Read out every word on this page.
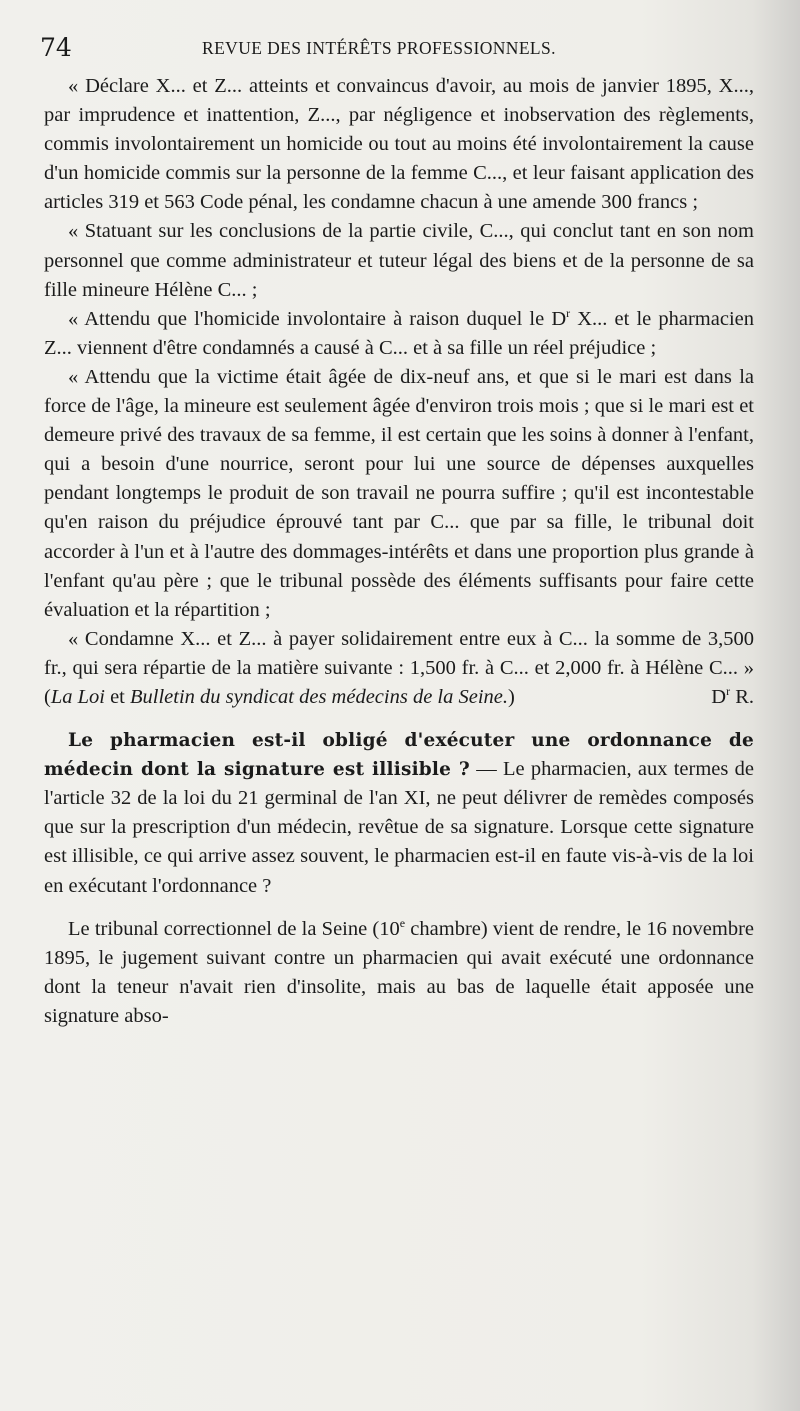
74	REVUE DES INTÉRÊTS PROFESSIONNELS.

« Déclare X... et Z... atteints et convaincus d'avoir, au mois de janvier 1895, X..., par imprudence et inattention, Z..., par négligence et inobservation des règlements, commis involontairement un homicide ou tout au moins été involontairement la cause d'un homicide commis sur la personne de la femme C..., et leur faisant application des articles 319 et 563 Code pénal, les condamne chacun à une amende 300 francs ;

« Statuant sur les conclusions de la partie civile, C..., qui conclut tant en son nom personnel que comme administrateur et tuteur légal des biens et de la personne de sa fille mineure Hélène C... ;

« Attendu que l'homicide involontaire à raison duquel le $D^r$ X... et le pharmacien Z... viennent d'être condamnés a causé à C... et à sa fille un réel préjudice ;

« Attendu que la victime était âgée de dix-neuf ans, et que si le mari est dans la force de l'âge, la mineure est seulement âgée d'environ trois mois ; que si le mari est et demeure privé des travaux de sa femme, il est certain que les soins à donner à l'enfant, qui a besoin d'une nourrice, seront pour lui une source de dépenses auxquelles pendant longtemps le produit de son travail ne pourra suffire ; qu'il est incontestable qu'en raison du préjudice éprouvé tant par C... que par sa fille, le tribunal doit accorder à l'un et à l'autre des dommages-intérêts et dans une proportion plus grande à l'enfant qu'au père ; que le tribunal possède des éléments suffisants pour faire cette évaluation et la répartition ;

« Condamne X... et Z... à payer solidairement entre eux à C... la somme de 3,500 fr., qui sera répartie de la matière suivante : 1,500 fr. à C... et 2,000 fr. à Hélène C... » (La Loi et Bulletin du syndicat des médecins de la Seine.)	$D^r$ R.

Le pharmacien est-il obligé d'exécuter une ordonnance de médecin dont la signature est illisible ? — Le pharmacien, aux termes de l'article 32 de la loi du 21 germinal de l'an XI, ne peut délivrer de remèdes composés que sur la prescription d'un médecin, revêtue de sa signature. Lorsque cette signature est illisible, ce qui arrive assez souvent, le pharmacien est-il en faute vis-à-vis de la loi en exécutant l'ordonnance ?

Le tribunal correctionnel de la Seine (10e chambre) vient de rendre, le 16 novembre 1895, le jugement suivant contre un pharmacien qui avait exécuté une ordonnance dont la teneur n'avait rien d'insolite, mais au bas de laquelle était apposée une signature abso-
